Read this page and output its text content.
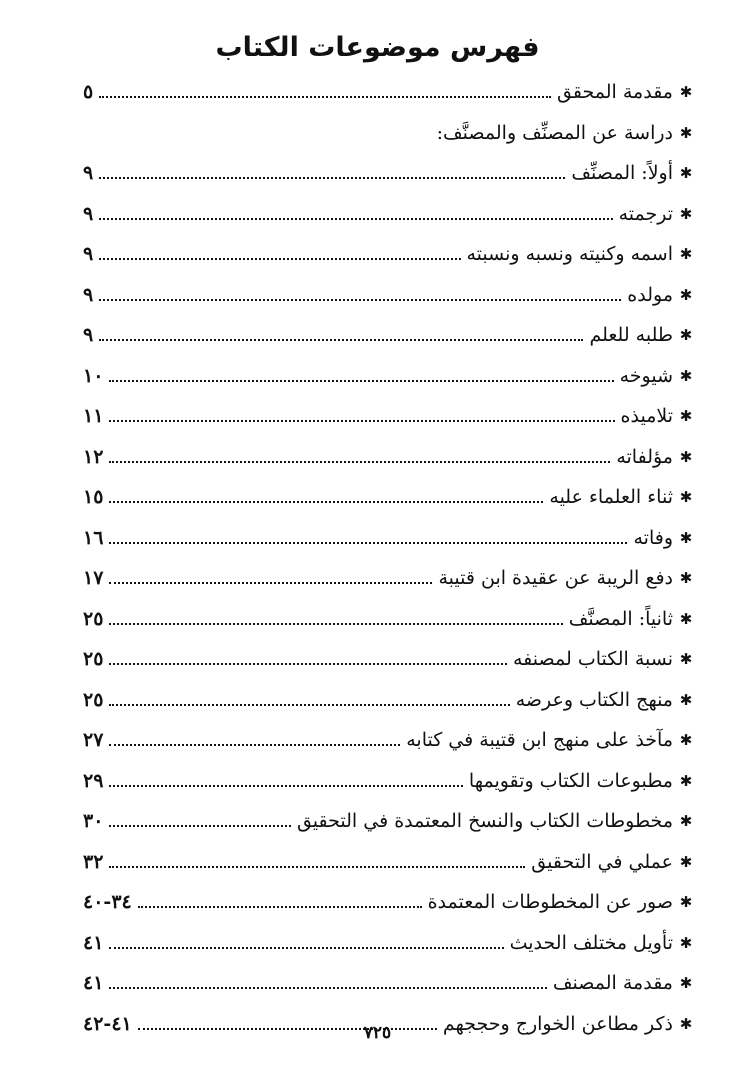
فهرس موضوعات الكتاب
✱
مقدمة المحقق
٥
✱
دراسة عن المصنِّف والمصنَّف:
✱
أولاً: المصنِّف
٩
✱
ترجمته
٩
✱
اسمه وكنيته ونسبه ونسبته
٩
✱
مولده
٩
✱
طلبه للعلم
٩
✱
شيوخه
١٠
✱
تلاميذه
١١
✱
مؤلفاته
١٢
✱
ثناء العلماء عليه
١٥
✱
وفاته
١٦
✱
دفع الريبة عن عقيدة ابن قتيبة
١٧
✱
ثانياً: المصنَّف
٢٥
✱
نسبة الكتاب لمصنفه
٢٥
✱
منهج الكتاب وعرضه
٢٥
✱
مآخذ على منهج ابن قتيبة في كتابه
٢٧
✱
مطبوعات الكتاب وتقويمها
٢٩
✱
مخطوطات الكتاب والنسخ المعتمدة في التحقيق
٣٠
✱
عملي في التحقيق
٣٢
✱
صور عن المخطوطات المعتمدة
٣٤-٤٠
✱
تأويل مختلف الحديث
٤١
✱
مقدمة المصنف
٤١
✱
ذكر مطاعن الخوارج وحججهم
٤١-٤٢	٧٢٥
